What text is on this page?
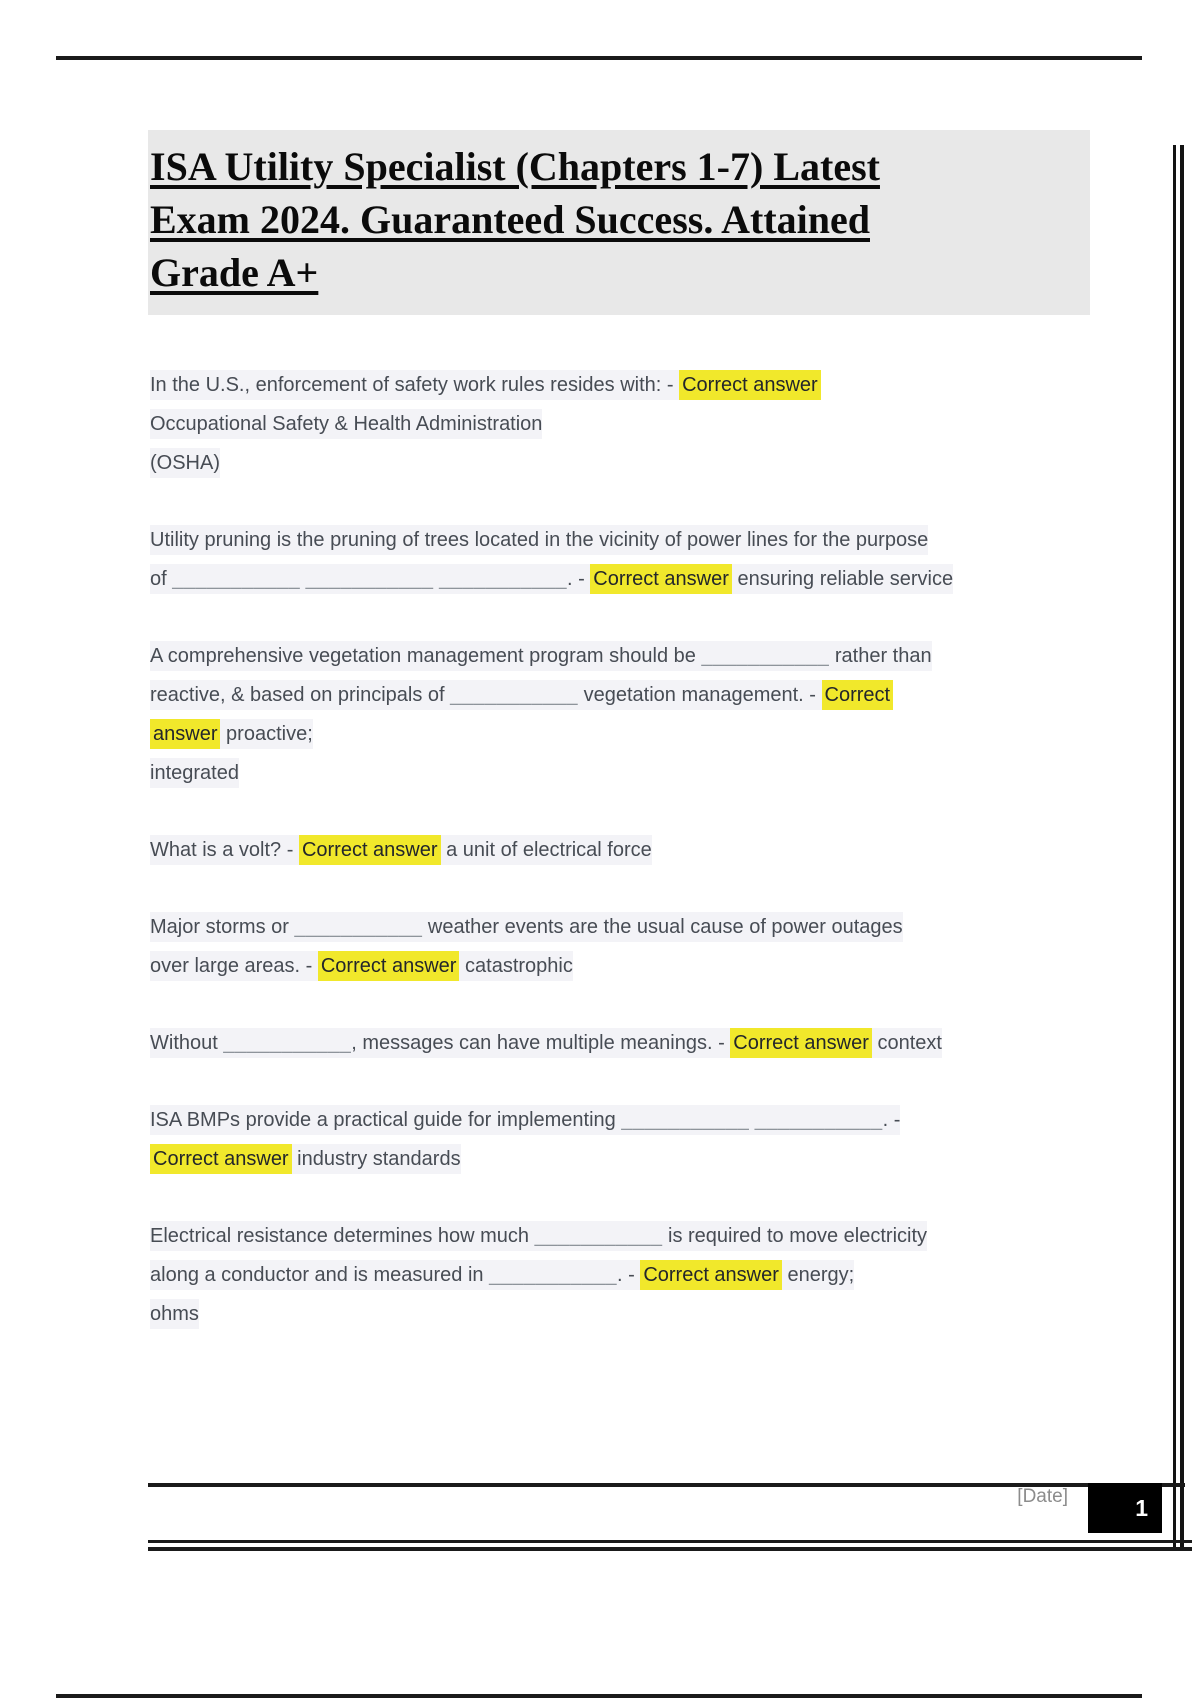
ISA Utility Specialist (Chapters 1-7) Latest
Exam 2024. Guaranteed Success. Attained
Grade A+
In the U.S., enforcement of safety work rules resides with: - Correct answer
Occupational Safety & Health Administration
(OSHA)
Utility pruning is the pruning of trees located in the vicinity of power lines for the purpose
of ___________ ___________ ___________. - Correct answer ensuring reliable service
A comprehensive vegetation management program should be ___________ rather than
reactive, & based on principals of ___________ vegetation management. - Correct
answer proactive;
integrated
What is a volt? - Correct answer a unit of electrical force
Major storms or ___________ weather events are the usual cause of power outages
over large areas. - Correct answer catastrophic
Without ___________, messages can have multiple meanings. - Correct answer context
ISA BMPs provide a practical guide for implementing ___________ ___________. -
Correct answer industry standards
Electrical resistance determines how much ___________ is required to move electricity
along a conductor and is measured in ___________. - Correct answer energy;
ohms
[Date]	1
